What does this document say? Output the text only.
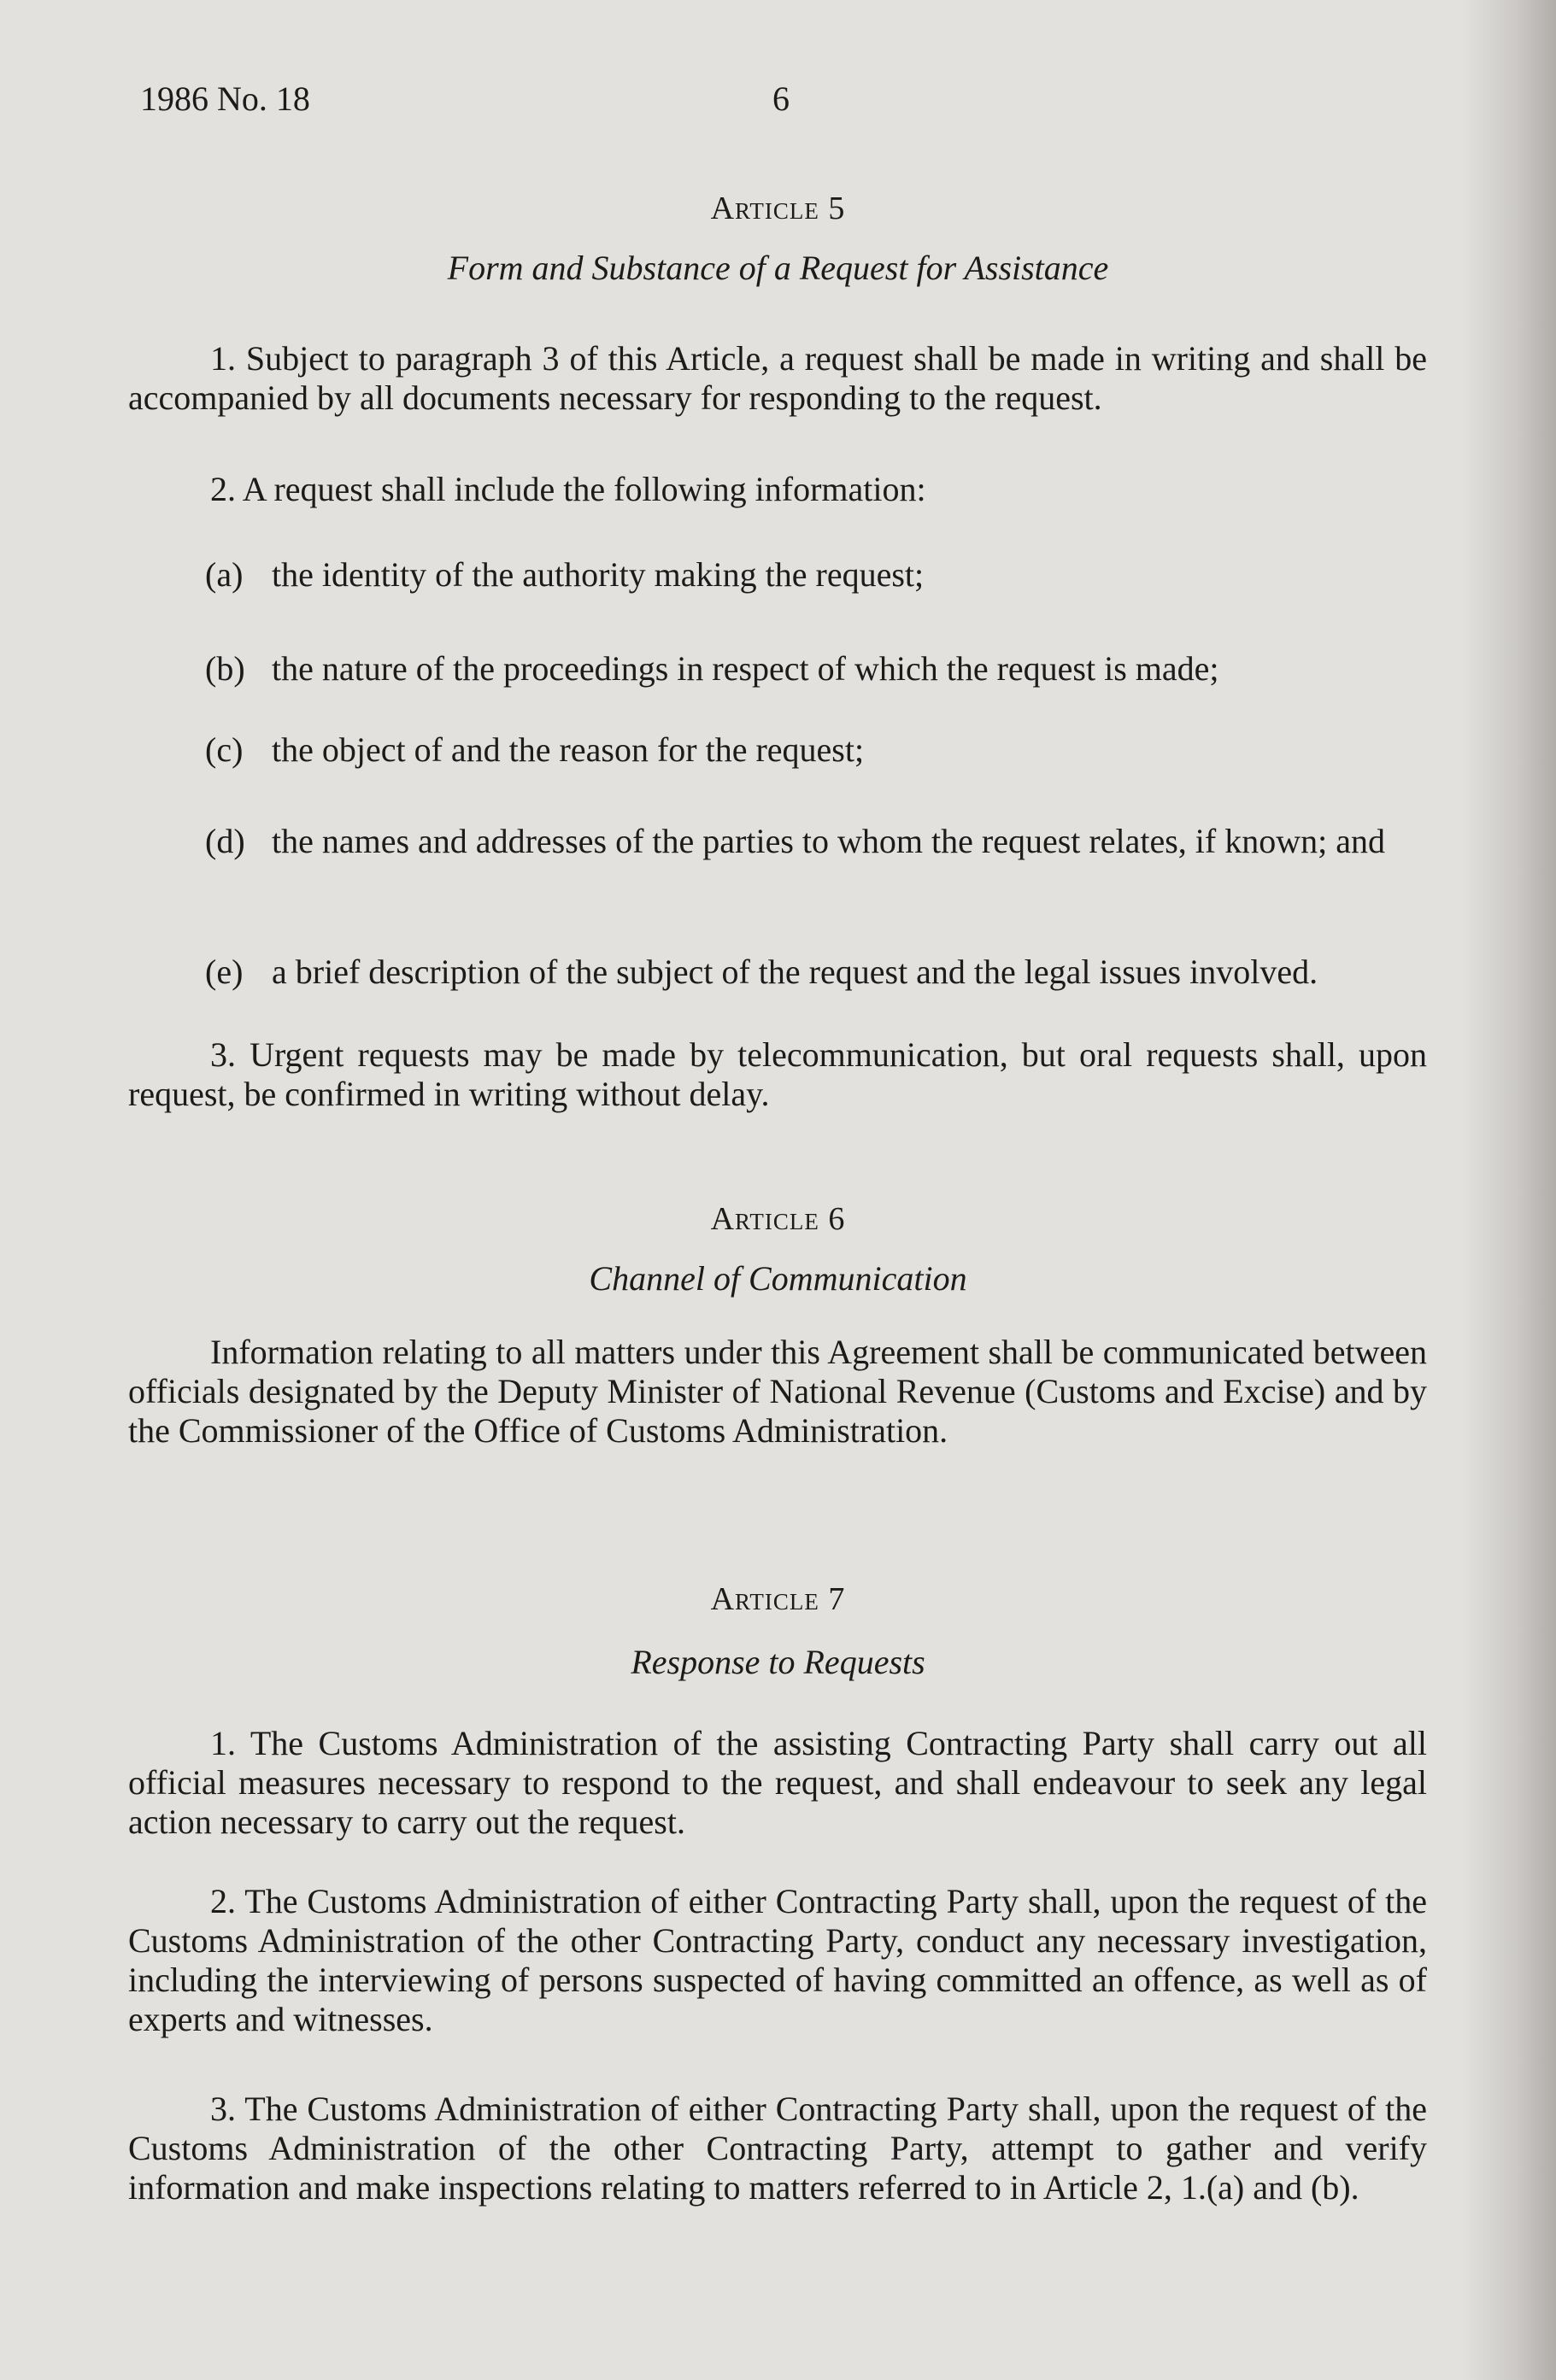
1986 No. 18	6
Article 5
Form and Substance of a Request for Assistance
1. Subject to paragraph 3 of this Article, a request shall be made in writing and shall be accompanied by all documents necessary for responding to the request.
2. A request shall include the following information:
(a) the identity of the authority making the request;
(b) the nature of the proceedings in respect of which the request is made;
(c) the object of and the reason for the request;
(d) the names and addresses of the parties to whom the request relates, if known; and
(e) a brief description of the subject of the request and the legal issues involved.
3. Urgent requests may be made by telecommunication, but oral requests shall, upon request, be confirmed in writing without delay.
Article 6
Channel of Communication
Information relating to all matters under this Agreement shall be communicated between officials designated by the Deputy Minister of National Revenue (Customs and Excise) and by the Commissioner of the Office of Customs Administration.
Article 7
Response to Requests
1. The Customs Administration of the assisting Contracting Party shall carry out all official measures necessary to respond to the request, and shall endeavour to seek any legal action necessary to carry out the request.
2. The Customs Administration of either Contracting Party shall, upon the request of the Customs Administration of the other Contracting Party, conduct any necessary investigation, including the interviewing of persons suspected of having committed an offence, as well as of experts and witnesses.
3. The Customs Administration of either Contracting Party shall, upon the request of the Customs Administration of the other Contracting Party, attempt to gather and verify information and make inspections relating to matters referred to in Article 2, 1.(a) and (b).
